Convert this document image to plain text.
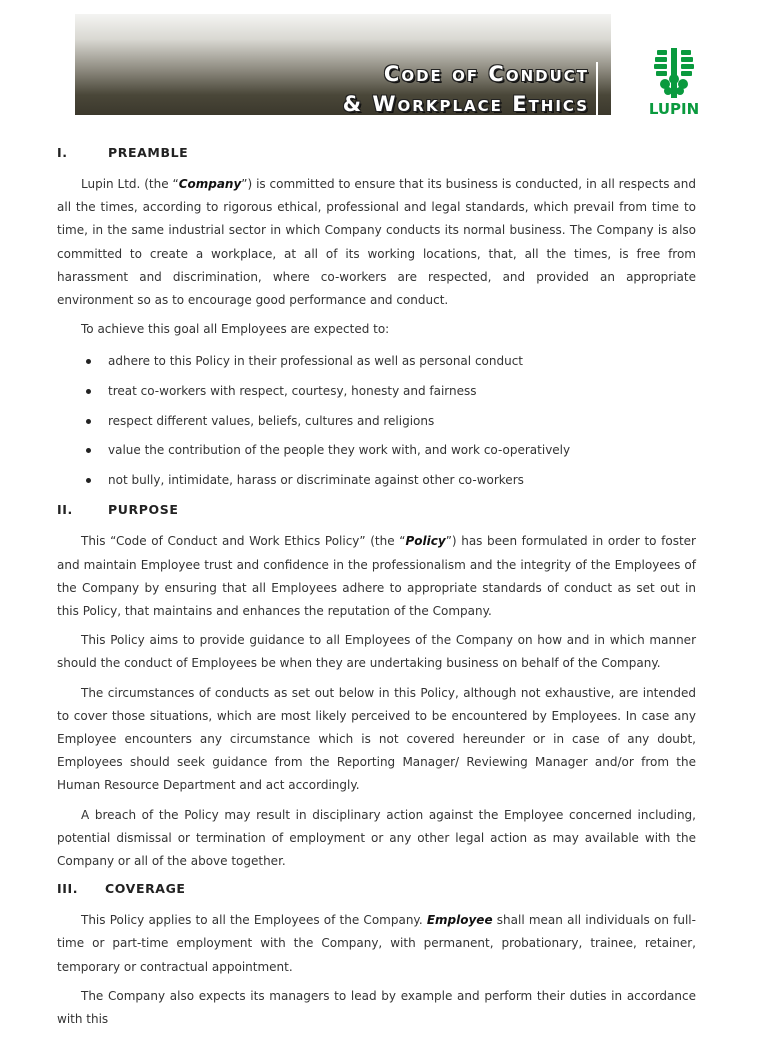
Code of Conduct
& Workplace Ethics	LUPIN
I.	PREAMBLE

Lupin Ltd. (the “Company”) is committed to ensure that its business is conducted, in all respects and all the times, according to rigorous ethical, professional and legal standards, which prevail from time to time, in the same industrial sector in which Company conducts its normal business. The Company is also committed to create a workplace, at all of its working locations, that, all the times, is free from harassment and discrimination, where co-workers are respected, and provided an appropriate environment so as to encourage good performance and conduct.

To achieve this goal all Employees are expected to:

adhere to this Policy in their professional as well as personal conduct
treat co-workers with respect, courtesy, honesty and fairness
respect different values, beliefs, cultures and religions
value the contribution of the people they work with, and work co-operatively
not bully, intimidate, harass or discriminate against other co-workers
II.	PURPOSE

This “Code of Conduct and Work Ethics Policy” (the “Policy”) has been formulated in order to foster and maintain Employee trust and confidence in the professionalism and the integrity of the Employees of the Company by ensuring that all Employees adhere to appropriate standards of conduct as set out in this Policy, that maintains and enhances the reputation of the Company.

This Policy aims to provide guidance to all Employees of the Company on how and in which manner should the conduct of Employees be when they are undertaking business on behalf of the Company.

The circumstances of conducts as set out below in this Policy, although not exhaustive, are intended to cover those situations, which are most likely perceived to be encountered by Employees. In case any Employee encounters any circumstance which is not covered hereunder or in case of any doubt, Employees should seek guidance from the Reporting Manager/ Reviewing Manager and/or from the Human Resource Department and act accordingly.

A breach of the Policy may result in disciplinary action against the Employee concerned including, potential dismissal or termination of employment or any other legal action as may available with the Company or all of the above together.

III. COVERAGE

This Policy applies to all the Employees of the Company. Employee shall mean all individuals on full-time or part-time employment with the Company, with permanent, probationary, trainee, retainer, temporary or contractual appointment.

The Company also expects its managers to lead by example and perform their duties in accordance with this
